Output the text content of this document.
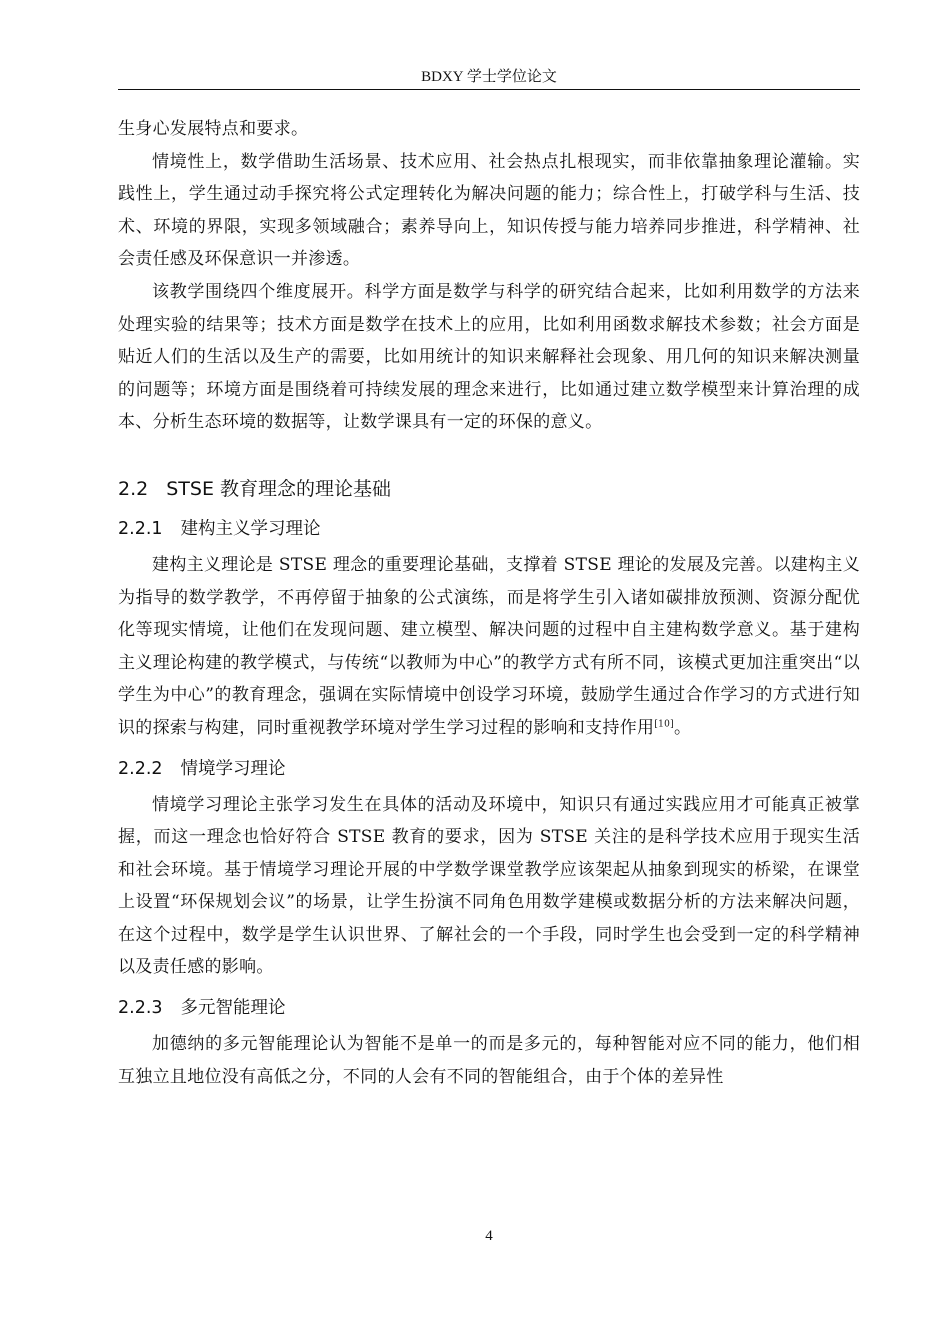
BDXY 学士学位论文

生身心发展特点和要求。

情境性上，数学借助生活场景、技术应用、社会热点扎根现实，而非依靠抽象理论灌输。实践性上，学生通过动手探究将公式定理转化为解决问题的能力；综合性上，打破学科与生活、技术、环境的界限，实现多领域融合；素养导向上，知识传授与能力培养同步推进，科学精神、社会责任感及环保意识一并渗透。

该教学围绕四个维度展开。科学方面是数学与科学的研究结合起来，比如利用数学的方法来处理实验的结果等；技术方面是数学在技术上的应用，比如利用函数求解技术参数；社会方面是贴近人们的生活以及生产的需要，比如用统计的知识来解释社会现象、用几何的知识来解决测量的问题等；环境方面是围绕着可持续发展的理念来进行，比如通过建立数学模型来计算治理的成本、分析生态环境的数据等，让数学课具有一定的环保的意义。

2.2 STSE 教育理念的理论基础
2.2.1 建构主义学习理论

建构主义理论是 STSE 理念的重要理论基础，支撑着 STSE 理论的发展及完善。以建构主义为指导的数学教学，不再停留于抽象的公式演练，而是将学生引入诸如碳排放预测、资源分配优化等现实情境，让他们在发现问题、建立模型、解决问题的过程中自主建构数学意义。基于建构主义理论构建的教学模式，与传统“以教师为中心”的教学方式有所不同，该模式更加注重突出“以学生为中心”的教育理念，强调在实际情境中创设学习环境，鼓励学生通过合作学习的方式进行知识的探索与构建，同时重视教学环境对学生学习过程的影响和支持作用[10]。

2.2.2 情境学习理论

情境学习理论主张学习发生在具体的活动及环境中，知识只有通过实践应用才可能真正被掌握，而这一理念也恰好符合 STSE 教育的要求，因为 STSE 关注的是科学技术应用于现实生活和社会环境。基于情境学习理论开展的中学数学课堂教学应该架起从抽象到现实的桥梁，在课堂上设置“环保规划会议”的场景，让学生扮演不同角色用数学建模或数据分析的方法来解决问题，在这个过程中，数学是学生认识世界、了解社会的一个手段，同时学生也会受到一定的科学精神以及责任感的影响。

2.2.3 多元智能理论

加德纳的多元智能理论认为智能不是单一的而是多元的，每种智能对应不同的能力，他们相互独立且地位没有高低之分，不同的人会有不同的智能组合，由于个体的差异性

4
